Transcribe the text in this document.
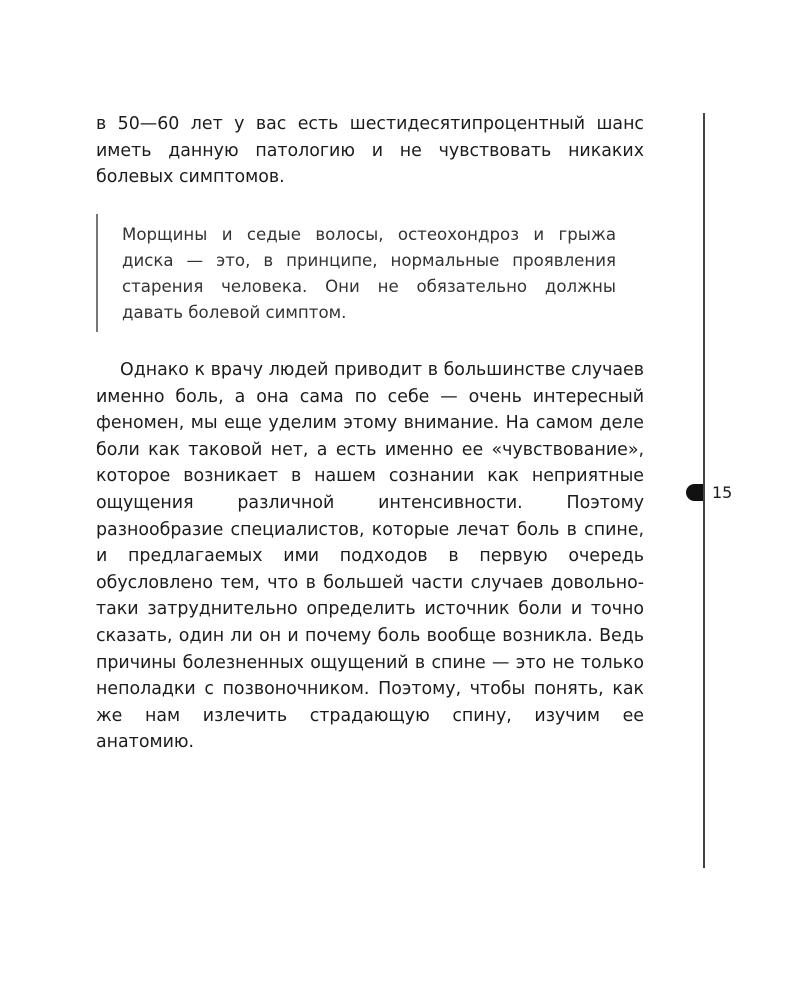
в 50—60 лет у вас есть шестидесятипроцентный шанс иметь данную патологию и не чувствовать никаких болевых симптомов.

Морщины и седые волосы, остеохондроз и грыжа диска — это, в принципе, нормальные проявления старения человека. Они не обязательно должны давать болевой симптом.

Однако к врачу людей приводит в большинстве случаев именно боль, а она сама по себе — очень интересный феномен, мы еще уделим этому внимание. На самом деле боли как таковой нет, а есть именно ее «чувствование», которое возникает в нашем сознании как неприятные ощущения различной интенсивности. Поэтому разнообразие специалистов, которые лечат боль в спине, и предлагаемых ими подходов в первую очередь обусловлено тем, что в большей части случаев довольно-таки затруднительно определить источник боли и точно сказать, один ли он и почему боль вообще возникла. Ведь причины болезненных ощущений в спине — это не только неполадки с позвоночником. Поэтому, чтобы понять, как же нам излечить страдающую спину, изучим ее анатомию.

15
